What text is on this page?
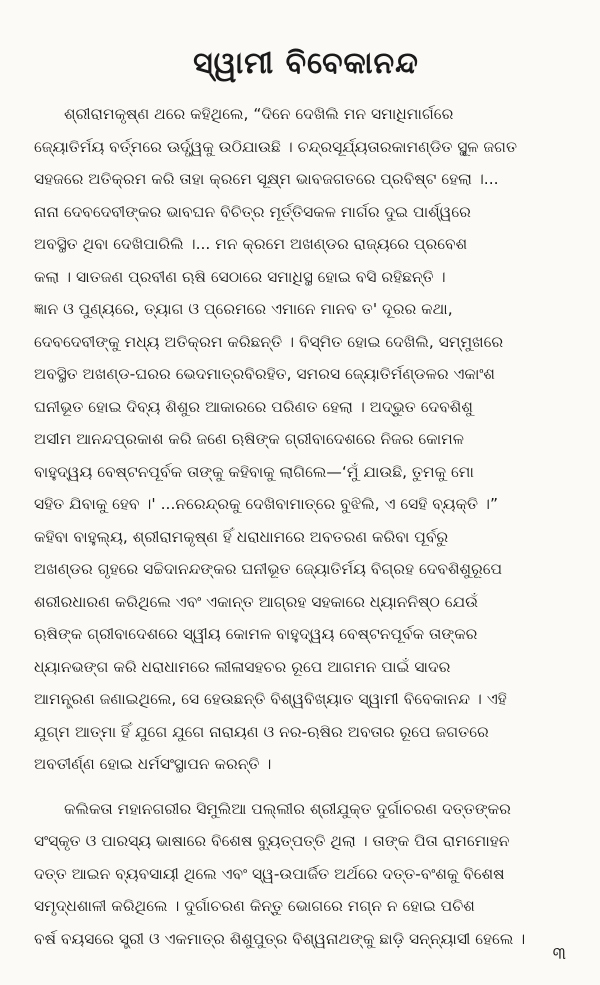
ସ୍ୱାମୀ ବିବେକାନନ୍ଦ

ଶ୍ରୀରାମକୃଷ୍ଣ ଥରେ କହିଥିଲେ, “ଦିନେ ଦେଖିଲି ମନ ସମାଧିମାର୍ଗରେ
ଜ୍ୟୋତିର୍ମୟ ବର୍ତ୍ମରେ ଊର୍ଦ୍ଧ୍ୱକୁ ଉଠିଯାଉଛି । ଚନ୍ଦ୍ରସୂର୍ଯ୍ୟତାରକାମଣ୍ଡିତ ସ୍ଥୂଳ ଜଗତ
ସହଜରେ ଅତିକ୍ରମ କରି ତାହା କ୍ରମେ ସୂକ୍ଷ୍ମ ଭାବଜଗତରେ ପ୍ରବିଷ୍ଟ ହେଲା ।...
ନାନା ଦେବଦେବୀଙ୍କର ଭାବଘନ ବିଚିତ୍ର ମୂର୍ତ୍ତିସକଳ ମାର୍ଗର ଦୁଇ ପାର୍ଶ୍ୱରେ
ଅବସ୍ଥିତ ଥିବା ଦେଖିପାରିଲି ।... ମନ କ୍ରମେ ଅଖଣ୍ଡର ରାଜ୍ୟରେ ପ୍ରବେଶ
କଲା । ସାତଜଣ ପ୍ରବୀଣ ଋଷି ସେଠାରେ ସମାଧିସ୍ଥ ହୋଇ ବସି ରହିଛନ୍ତି ।
ଜ୍ଞାନ ଓ ପୁଣ୍ୟରେ, ତ୍ୟାଗ ଓ ପ୍ରେମରେ ଏମାନେ ମାନବ ତ' ଦୂରର କଥା,
ଦେବଦେବୀଙ୍କୁ ମଧ୍ୟ ଅତିକ୍ରମ କରିଛନ୍ତି । ବିସ୍ମିତ ହୋଇ ଦେଖିଲି, ସମ୍ମୁଖରେ
ଅବସ୍ଥିତ ଅଖଣ୍ଡ-ଘରର ଭେଦମାତ୍ରବିରହିତ, ସମରସ ଜ୍ୟୋତିର୍ମଣ୍ଡଳର ଏକାଂଶ
ଘନୀଭୂତ ହୋଇ ଦିବ୍ୟ ଶିଶୁର ଆକାରରେ ପରିଣତ ହେଲା । ଅଦ୍ଭୁତ ଦେବଶିଶୁ
ଅସୀମ ଆନନ୍ଦପ୍ରକାଶ କରି ଜଣେ ଋଷିଙ୍କ ଗ୍ରୀବାଦେଶରେ ନିଜର କୋମଳ
ବାହୁଦ୍ୱୟ ବେଷ୍ଟନପୂର୍ବକ ତାଙ୍କୁ କହିବାକୁ ଲାଗିଲେ—‘ମୁଁ ଯାଉଛି, ତୁମକୁ ମୋ
ସହିତ ଯିବାକୁ ହେବ ।' ...ନରେନ୍ଦ୍ରକୁ ଦେଖିବାମାତ୍ରେ ବୁଝିଲି, ଏ ସେହି ବ୍ୟକ୍ତି ।”
କହିବା ବାହୁଲ୍ୟ, ଶ୍ରୀରାମକୃଷ୍ଣ ହିଁ ଧରାଧାମରେ ଅବତରଣ କରିବା ପୂର୍ବରୁ
ଅଖଣ୍ଡର ଗୃହରେ ସଚ୍ଚିଦାନନ୍ଦଙ୍କର ଘନୀଭୂତ ଜ୍ୟୋତିର୍ମୟ ବିଗ୍ରହ ଦେବଶିଶୁରୂପେ
ଶରୀରଧାରଣ କରିଥିଲେ ଏବଂ ଏକାନ୍ତ ଆଗ୍ରହ ସହକାରେ ଧ୍ୟାନନିଷ୍ଠ ଯେଉଁ
ଋଷିଙ୍କ ଗ୍ରୀବାଦେଶରେ ସ୍ୱୀୟ କୋମଳ ବାହୁଦ୍ୱୟ ବେଷ୍ଟନପୂର୍ବକ ତାଙ୍କର
ଧ୍ୟାନଭଙ୍ଗ କରି ଧରାଧାମରେ ଲୀଳାସହଚର ରୂପେ ଆଗମନ ପାଇଁ ସାଦର
ଆମନ୍ତ୍ରଣ ଜଣାଇଥିଲେ, ସେ ହେଉଛନ୍ତି ବିଶ୍ୱବିଖ୍ୟାତ ସ୍ୱାମୀ ବିବେକାନନ୍ଦ । ଏହି
ଯୁଗ୍ମ ଆତ୍ମା ହିଁ ଯୁଗେ ଯୁଗେ ନାରାୟଣ ଓ ନର-ଋଷିର ଅବତାର ରୂପେ ଜଗତରେ
ଅବତୀର୍ଣ୍ଣ ହୋଇ ଧର୍ମସଂସ୍ଥାପନ କରନ୍ତି ।

କଲିକତା ମହାନଗରୀର ସିମୁଲିଆ ପଲ୍ଲୀର ଶ୍ରୀଯୁକ୍ତ ଦୁର୍ଗାଚରଣ ଦତ୍ତଙ୍କର
ସଂସ୍କୃତ ଓ ପାରସ୍ୟ ଭାଷାରେ ବିଶେଷ ବ୍ୟୁତ୍ପତ୍ତି ଥିଲା । ତାଙ୍କ ପିତା ରାମମୋହନ
ଦତ୍ତ ଆଇନ ବ୍ୟବସାୟୀ ଥିଲେ ଏବଂ ସ୍ୱ-ଉପାର୍ଜିତ ଅର୍ଥରେ ଦତ୍ତ-ବଂଶକୁ ବିଶେଷ
ସମୃଦ୍ଧଶାଳୀ କରିଥିଲେ । ଦୁର୍ଗାଚରଣ କିନ୍ତୁ ଭୋଗରେ ମଗ୍ନ ନ ହୋଇ ପଚିଶ
ବର୍ଷ ବୟସରେ ସ୍ତ୍ରୀ ଓ ଏକମାତ୍ର ଶିଶୁପୁତ୍ର ବିଶ୍ୱନାଥଙ୍କୁ ଛାଡ଼ି ସନ୍ନ୍ୟାସୀ ହେଲେ ।

୩
